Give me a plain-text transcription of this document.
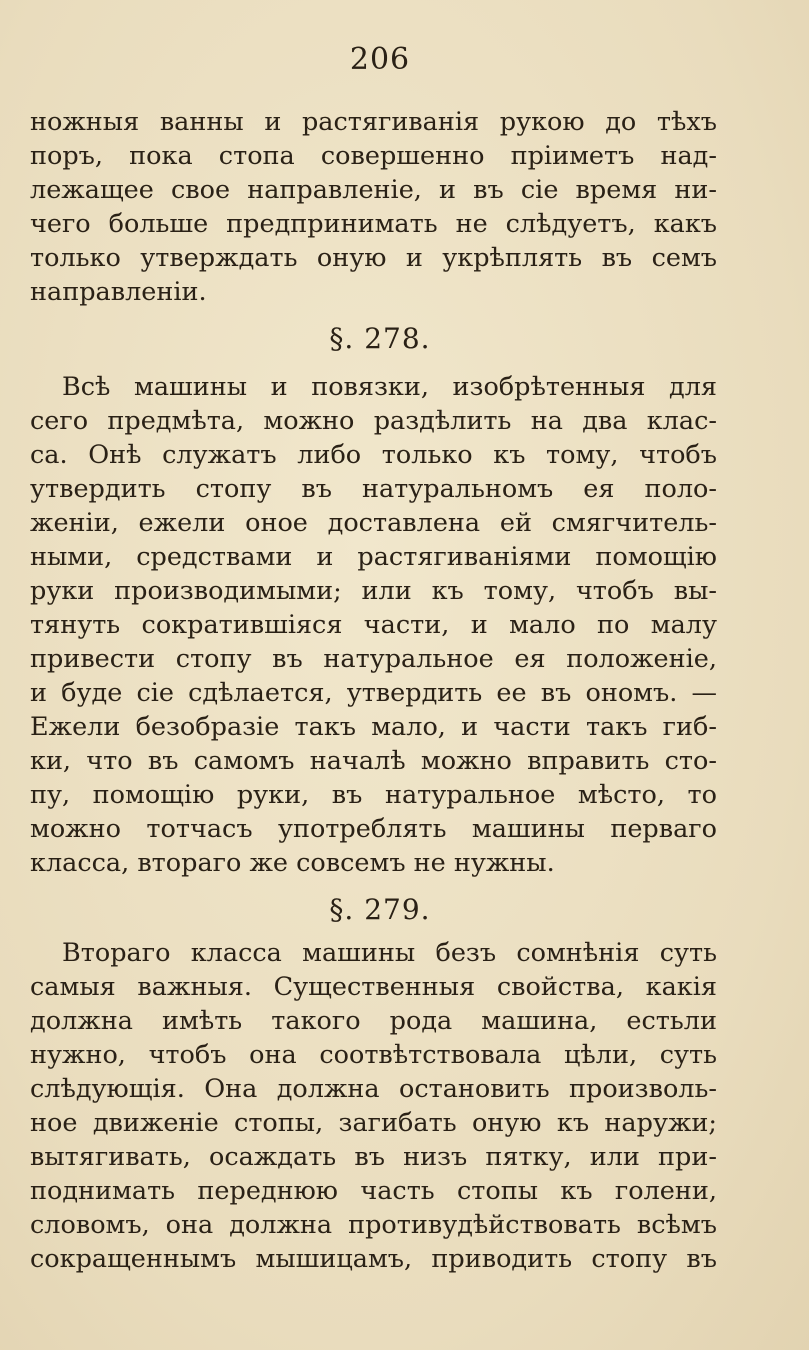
206
ножныя ванны и растягиванія рукою до тѣхъ
поръ, пока стопа совершенно пріиметъ над-
лежащее свое направленіе, и въ сіе время ни-
чего больше предпринимать не слѣдуетъ, какъ
только утверждать оную и укрѣплять въ семъ
направленіи.
§. 278.
Всѣ машины и повязки, изобрѣтенныя для
сего предмѣта, можно раздѣлить на два клас-
са. Онѣ служатъ либо только къ тому, чтобъ
утвердить стопу въ натуральномъ ея поло-
женіи, ежели оное доставлена ей смягчитель-
ными, средствами и растягиваніями помощію
руки производимыми; или къ тому, чтобъ вы-
тянуть сократившіяся части, и мало по малу
привести стопу въ натуральное ея положеніе,
и буде сіе сдѣлается, утвердить ее въ ономъ. —
Ежели безобразіе такъ мало, и части такъ гиб-
ки, что въ самомъ началѣ можно вправить сто-
пу, помощію руки, въ натуральное мѣсто, то
можно тотчасъ употреблять машины перваго
класса, втораго же совсемъ не нужны.
§. 279.
Втораго класса машины безъ сомнѣнія суть
самыя важныя. Существенныя свойства, какія
должна имѣть такого рода машина, естьли
нужно, чтобъ она соотвѣтствовала цѣли, суть
слѣдующія. Она должна остановить произволь-
ное движеніе стопы, загибать оную къ наружи;
вытягивать, осаждать въ низъ пятку, или при-
поднимать переднюю часть стопы къ голени,
словомъ, она должна противудѣйствовать всѣмъ
сокращеннымъ мышицамъ, приводить стопу въ
